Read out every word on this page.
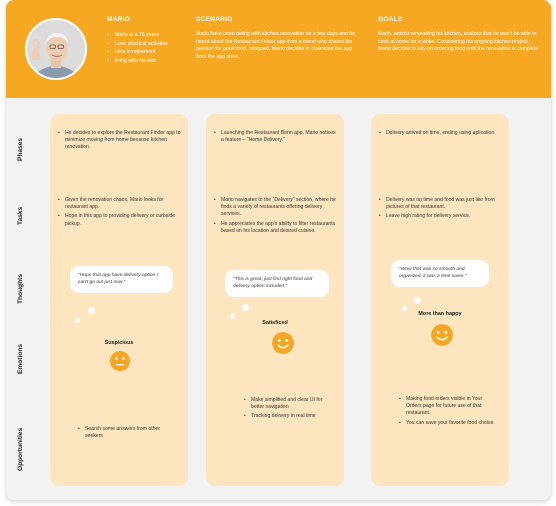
MARIO
• Mario is a 76 years
• Love physical activities
• He's in retirement
• living with his wife
SCENARIO

Mario have been deling with kitchen renovation for a few days and he heard about the Restaurant Finder app from a friend who shares his passion for good food. Intrigued, Mario decides to download the app from the app store.

GOALS

Mario, amidst renovating his kitchen, realizes that he won't be able to cook at home for a while. Considering his ongoing kitchen project, Mario decides to rely on ordering food until the renovation is complete

Phases
Tasks
Thoughts
Emotions
Opportunities
• He decides to explore the Restaurant Finder app to minimize moving from home because kitchen renovation.
• Given the renovation chaos, Mario looks for restaurant app.
• Hope in this app to providing delivery or curbside pickup.
"Hope that app have delivery option I can't go out just now."
Suspicious
• Search some answers from other seekers
• Launching the Restaurant Bonn app, Mario notices a feature – "Home Delivery."
• Mario navigates to the "Delivery" section, where he finds a variety of restaurants offering delivery services.
• He appreciates the app's ability to filter restaurants based on his location and desired cuisine.
"This is great, just find right food and delivery option included."
Satisficed
• Make simplified and clear UI for better navigation
• Tracking delivery in real time
• Delivery arrived on time, ending using aplication.
• Delivery was on time and food was just like from pictures of that restaurant.
• Leave high rating for delivery service.
"Wow that was so smooth and organized, it was a time saver."
More than happy
• Making food orders visible in Your Orders page for future use of that restaurant.
• You can save your favorite food choice.
